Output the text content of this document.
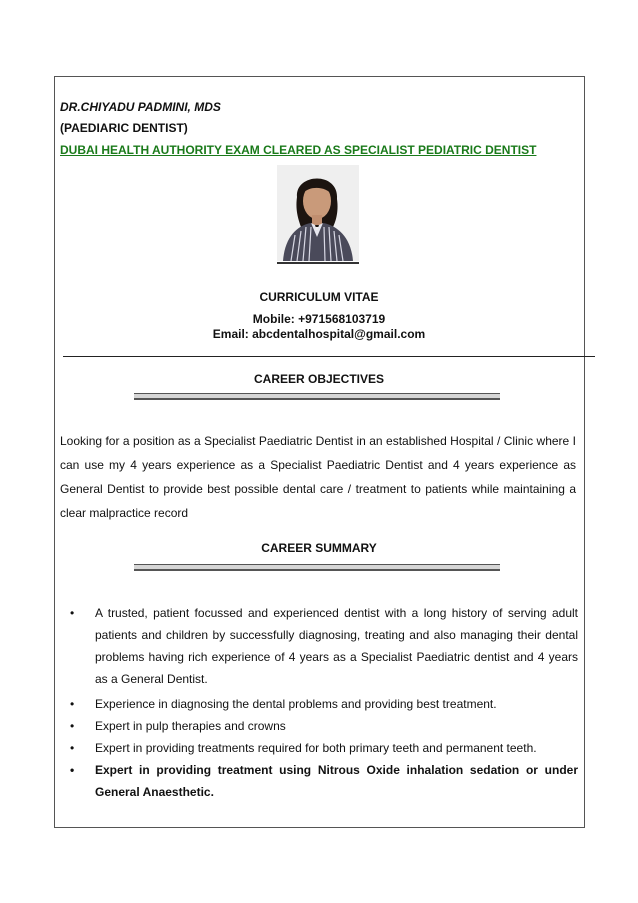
DR.CHIYADU PADMINI, MDS
(PAEDIARIC DENTIST)
DUBAI HEALTH AUTHORITY EXAM CLEARED AS SPECIALIST PEDIATRIC DENTIST
CURRICULUM VITAE
Mobile: +971568103719
Email: abcdentalhospital@gmail.com
CAREER OBJECTIVES

Looking for a position as a Specialist Paediatric Dentist in an established Hospital / Clinic where I can use my 4 years experience as a Specialist Paediatric Dentist and 4 years experience as General Dentist to provide best possible dental care / treatment to patients while maintaining a clear malpractice record

CAREER SUMMARY
• A trusted, patient focussed and experienced dentist with a long history of serving adult patients and children by successfully diagnosing, treating and also managing their dental problems having rich experience of 4 years as a Specialist Paediatric dentist and 4 years as a General Dentist.
• Experience in diagnosing the dental problems and providing best treatment.
• Expert in pulp therapies and crowns
• Expert in providing treatments required for both primary teeth and permanent teeth.
• Expert in providing treatment using Nitrous Oxide inhalation sedation or under General Anaesthetic.
